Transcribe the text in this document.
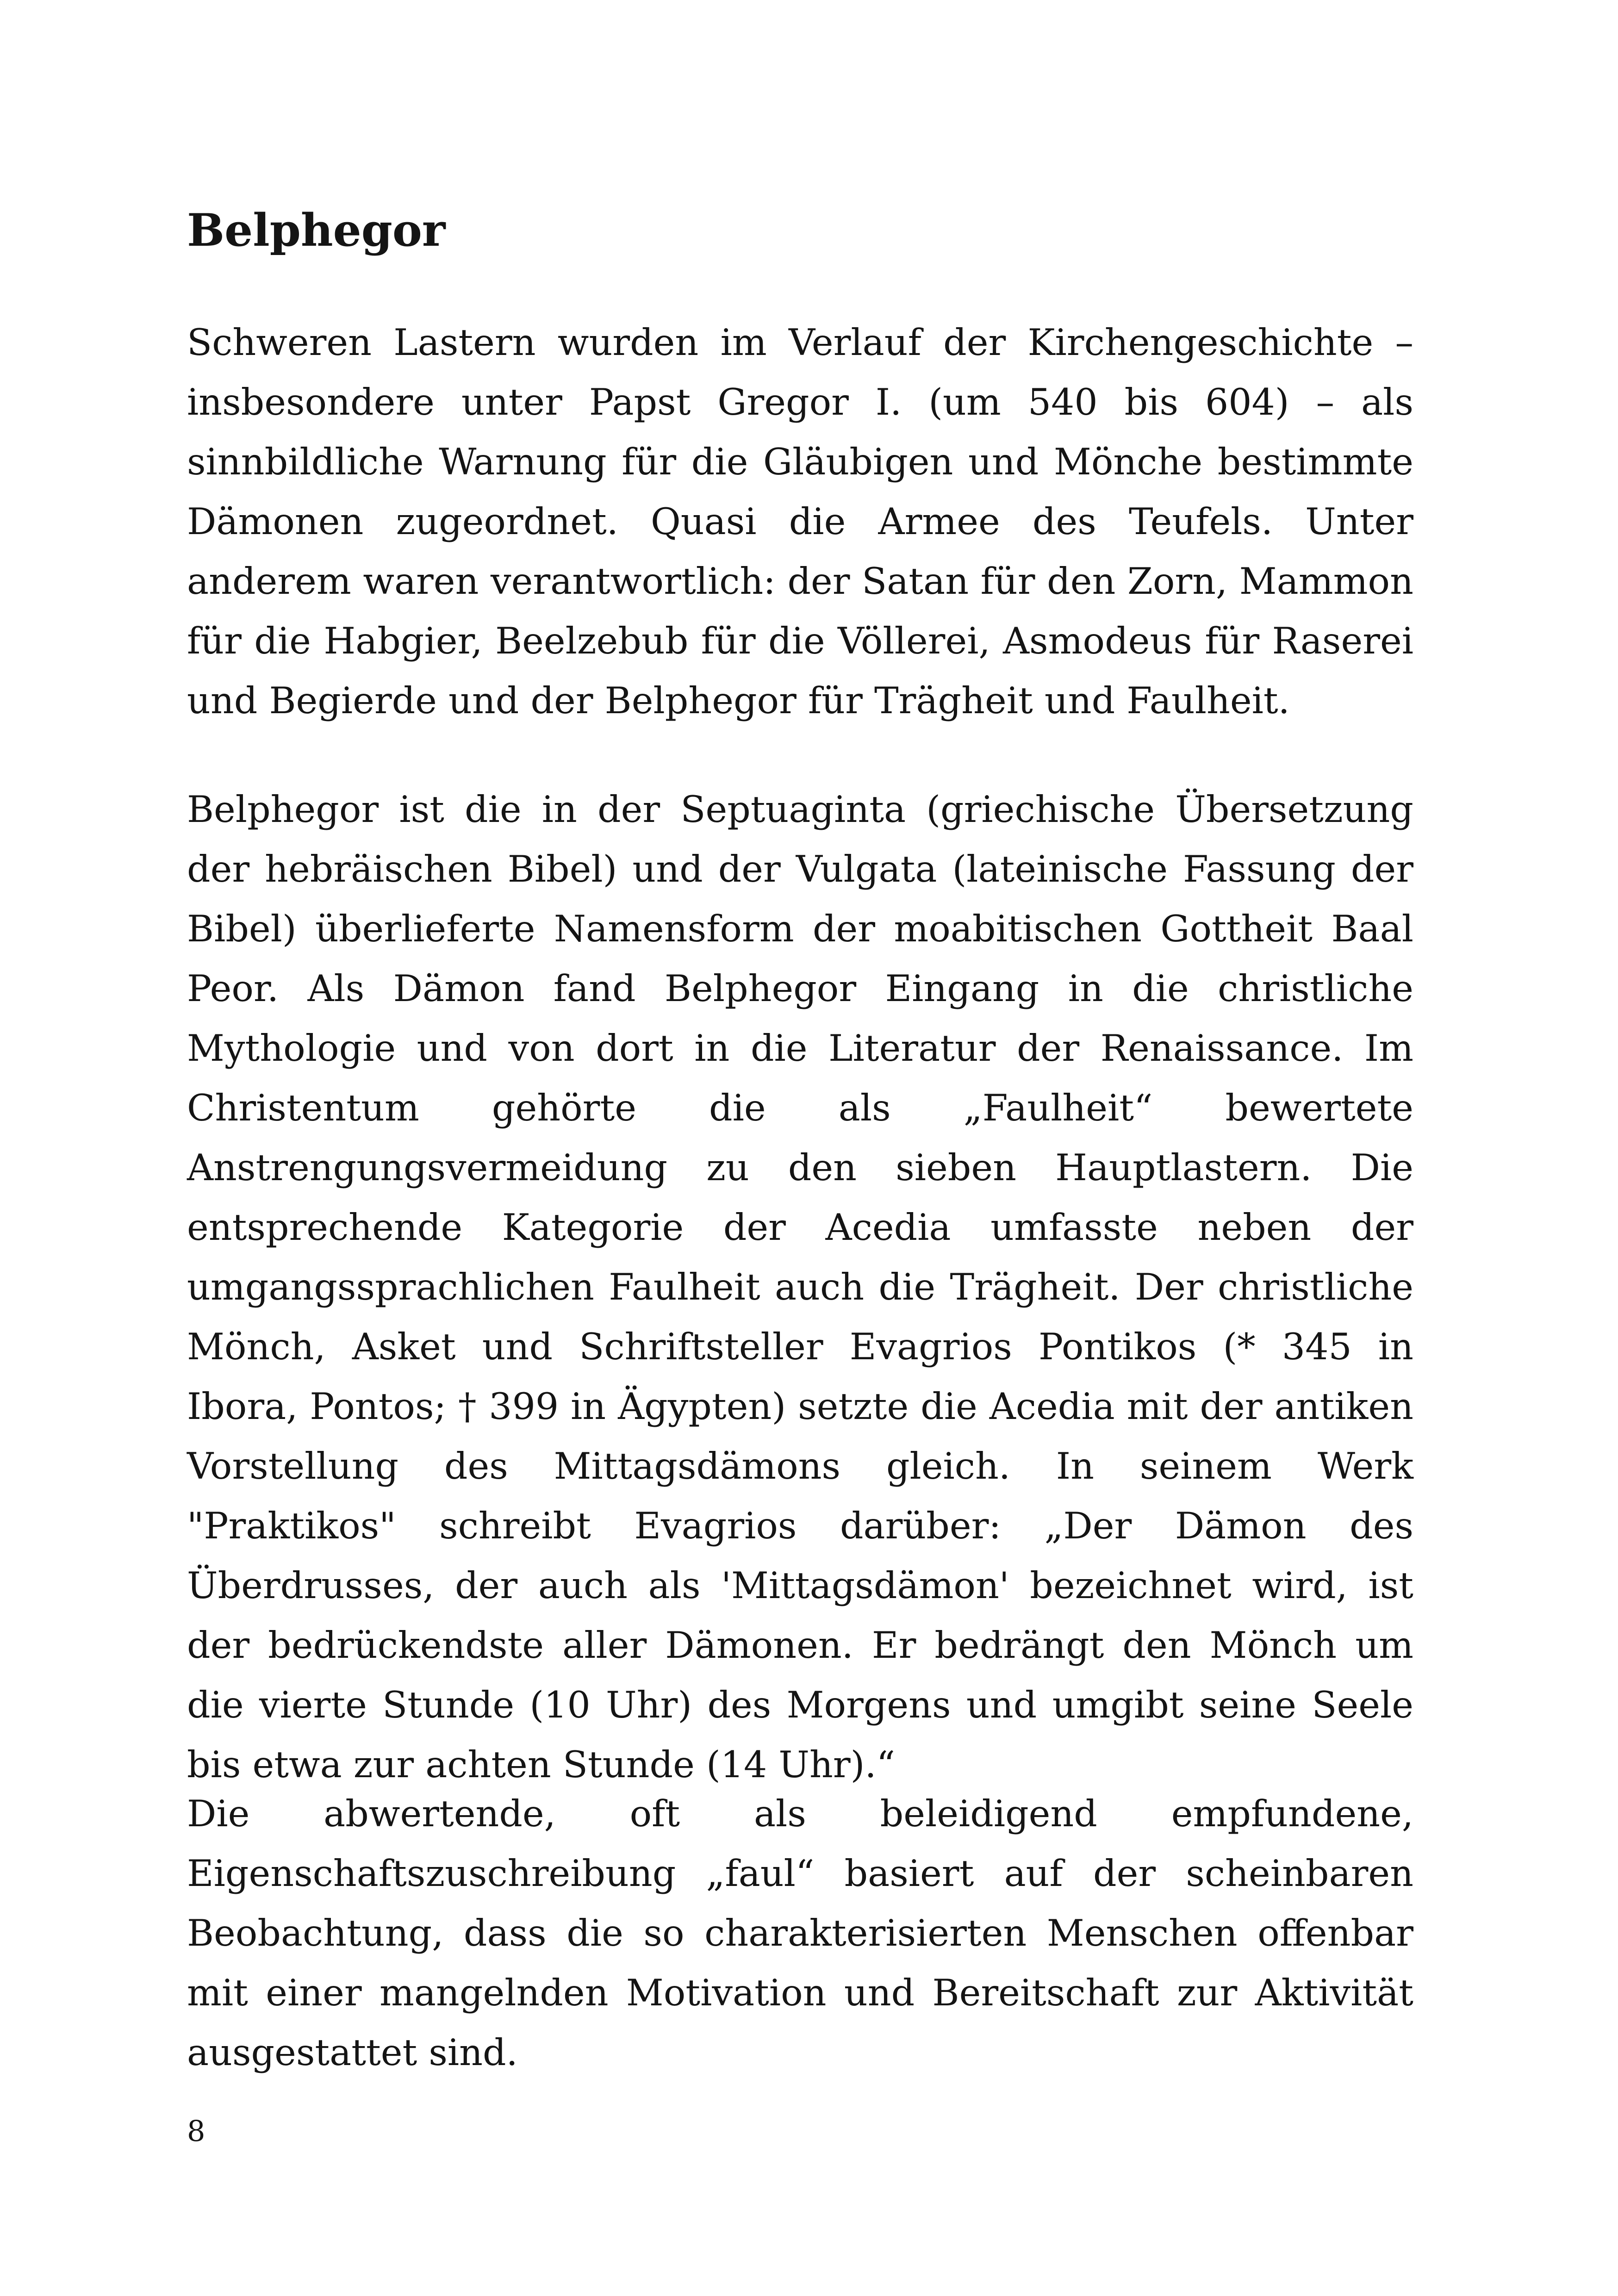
Belphegor

Schweren Lastern wurden im Verlauf der Kirchengeschichte – insbesondere unter Papst Gregor I. (um 540 bis 604) – als sinnbildliche Warnung für die Gläubigen und Mönche bestimmte Dämonen zugeordnet. Quasi die Armee des Teufels. Unter anderem waren verantwortlich: der Satan für den Zorn, Mammon für die Habgier, Beelzebub für die Völlerei, Asmodeus für Raserei und Begierde und der Belphegor für Trägheit und Faulheit.

Belphegor ist die in der Septuaginta (griechische Übersetzung der hebräischen Bibel) und der Vulgata (lateinische Fassung der Bibel) überlieferte Namensform der moabitischen Gottheit Baal Peor. Als Dämon fand Belphegor Eingang in die christliche Mythologie und von dort in die Literatur der Renaissance. Im Christentum gehörte die als „Faulheit“ bewertete Anstrengungsvermeidung zu den sieben Hauptlastern. Die entsprechende Kategorie der Acedia umfasste neben der umgangssprachlichen Faulheit auch die Trägheit. Der christliche Mönch, Asket und Schriftsteller Evagrios Pontikos (* 345 in Ibora, Pontos; † 399 in Ägypten) setzte die Acedia mit der antiken Vorstellung des Mittagsdämons gleich. In seinem Werk "Praktikos" schreibt Evagrios darüber: „Der Dämon des Überdrusses, der auch als 'Mittagsdämon' bezeichnet wird, ist der bedrückendste aller Dämonen. Er bedrängt den Mönch um die vierte Stunde (10 Uhr) des Morgens und umgibt seine Seele bis etwa zur achten Stunde (14 Uhr).“

Die abwertende, oft als beleidigend empfundene, Eigenschaftszuschreibung „faul“ basiert auf der scheinbaren Beobachtung, dass die so charakterisierten Menschen offenbar mit einer mangelnden Motivation und Bereitschaft zur Aktivität ausgestattet sind.

8
